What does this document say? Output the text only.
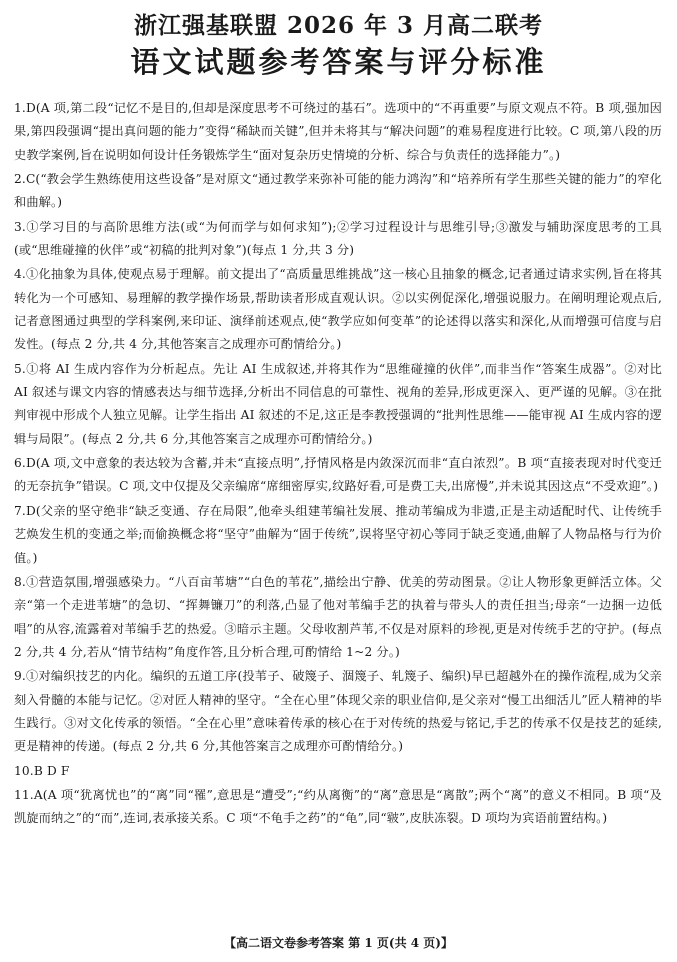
浙江强基联盟 2026 年 3 月高二联考
语文试题参考答案与评分标准
1.D(A 项,第二段“记忆不是目的,但却是深度思考不可绕过的基石”。选项中的“不再重要”与原文观点不符。B 项,强加因果,第四段强调“提出真问题的能力”变得“稀缺而关键”,但并未将其与“解决问题”的难易程度进行比较。C 项,第八段的历史教学案例,旨在说明如何设计任务锻炼学生“面对复杂历史情境的分析、综合与负责任的选择能力”。)
2.C(“教会学生熟练使用这些设备”是对原文“通过教学来弥补可能的能力鸿沟”和“培养所有学生那些关键的能力”的窄化和曲解。)
3.①学习目的与高阶思维方法(或“为何而学与如何求知”);②学习过程设计与思维引导;③激发与辅助深度思考的工具(或“思维碰撞的伙伴”或“初稿的批判对象”)(每点 1 分,共 3 分)
4.①化抽象为具体,使观点易于理解。前文提出了“高质量思维挑战”这一核心且抽象的概念,记者通过请求实例,旨在将其转化为一个可感知、易理解的教学操作场景,帮助读者形成直观认识。②以实例促深化,增强说服力。在阐明理论观点后,记者意图通过典型的学科案例,来印证、演绎前述观点,使“教学应如何变革”的论述得以落实和深化,从而增强可信度与启发性。(每点 2 分,共 4 分,其他答案言之成理亦可酌情给分。)
5.①将 AI 生成内容作为分析起点。先让 AI 生成叙述,并将其作为“思维碰撞的伙伴”,而非当作“答案生成器”。②对比 AI 叙述与课文内容的情感表达与细节选择,分析出不同信息的可靠性、视角的差异,形成更深入、更严谨的见解。③在批判审视中形成个人独立见解。让学生指出 AI 叙述的不足,这正是李教授强调的“批判性思维——能审视 AI 生成内容的逻辑与局限”。(每点 2 分,共 6 分,其他答案言之成理亦可酌情给分。)
6.D(A 项,文中意象的表达较为含蓄,并未“直接点明”,抒情风格是内敛深沉而非“直白浓烈”。B 项“直接表现对时代变迁的无奈抗争”错误。C 项,文中仅提及父亲编席“席细密厚实,纹路好看,可是费工夫,出席慢”,并未说其因这点“不受欢迎”。)
7.D(父亲的坚守绝非“缺乏变通、存在局限”,他牵头组建苇编社发展、推动苇编成为非遗,正是主动适配时代、让传统手艺焕发生机的变通之举;而偷换概念将“坚守”曲解为“固于传统”,误将坚守初心等同于缺乏变通,曲解了人物品格与行为价值。)
8.①营造氛围,增强感染力。“八百亩苇塘”“白色的苇花”,描绘出宁静、优美的劳动图景。②让人物形象更鲜活立体。父亲“第一个走进苇塘”的急切、“挥舞镰刀”的利落,凸显了他对苇编手艺的执着与带头人的责任担当;母亲“一边捆一边低唱”的从容,流露着对苇编手艺的热爱。③暗示主题。父母收割芦苇,不仅是对原料的珍视,更是对传统手艺的守护。(每点 2 分,共 4 分,若从“情节结构”角度作答,且分析合理,可酌情给 1~2 分。)
9.①对编织技艺的内化。编织的五道工序(投苇子、破篾子、涸篾子、轧篾子、编织)早已超越外在的操作流程,成为父亲刻入骨髓的本能与记忆。②对匠人精神的坚守。“全在心里”体现父亲的职业信仰,是父亲对“慢工出细活儿”匠人精神的毕生践行。③对文化传承的领悟。“全在心里”意味着传承的核心在于对传统的热爱与铭记,手艺的传承不仅是技艺的延续,更是精神的传递。(每点 2 分,共 6 分,其他答案言之成理亦可酌情给分。)
10.B D F
11.A(A 项“犹离忧也”的“离”同“罹”,意思是“遭受”;“约从离衡”的“离”意思是“离散”;两个“离”的意义不相同。B 项“及凯旋而纳之”的“而”,连词,表承接关系。C 项“不龟手之药”的“龟”,同“皲”,皮肤冻裂。D 项均为宾语前置结构。)
【高二语文卷参考答案 第 1 页(共 4 页)】
